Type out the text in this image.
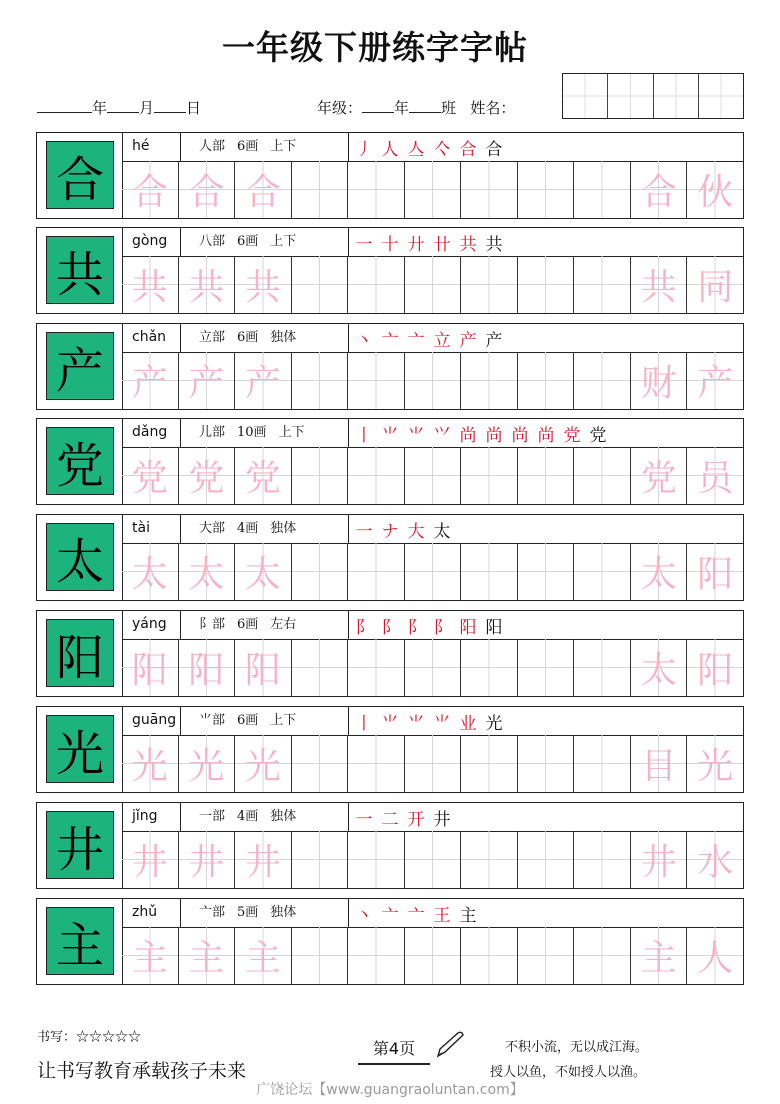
一年级下册练字字帖
年 月 日	年级： 年 班 姓名：
合
hé	人部 6画 上下	丿 人 亼 亽 合 合
合 合 合	合 伙
共
gòng	八部 6画 上下	一 十 廾 卄 共 共
共 共 共	共 同
产
chǎn	立部 6画 独体	丶 亠 亠 立 产 产
产 产 产	财 产
党
dǎng	儿部 10画 上下	丨 ⺌ ⺌ ⺍ 尚 尚 尚 尚 党 党
党 党 党	党 员
太
tài	大部 4画 独体	一 ナ 大 太
太 太 太	太 阳
阳
yáng	阝部 6画 左右	⻖ 阝 阝 阝 阳 阳
阳 阳 阳	太 阳
光
guāng	⺌部 6画 上下	丨 ⺌ ⺌ ⺌ 业 光
光 光 光	目 光
井
jǐng	一部 4画 独体	一 二 开 井
井 井 井	井 水
主
zhǔ	亠部 5画 独体	丶 亠 亠 王 主
主 主 主	主 人
书写：☆☆☆☆☆
让书写教育承载孩子未来
第4页	不积小流，无以成江海。
授人以鱼，不如授人以渔。
广饶论坛【www.guangraoluntan.com】
